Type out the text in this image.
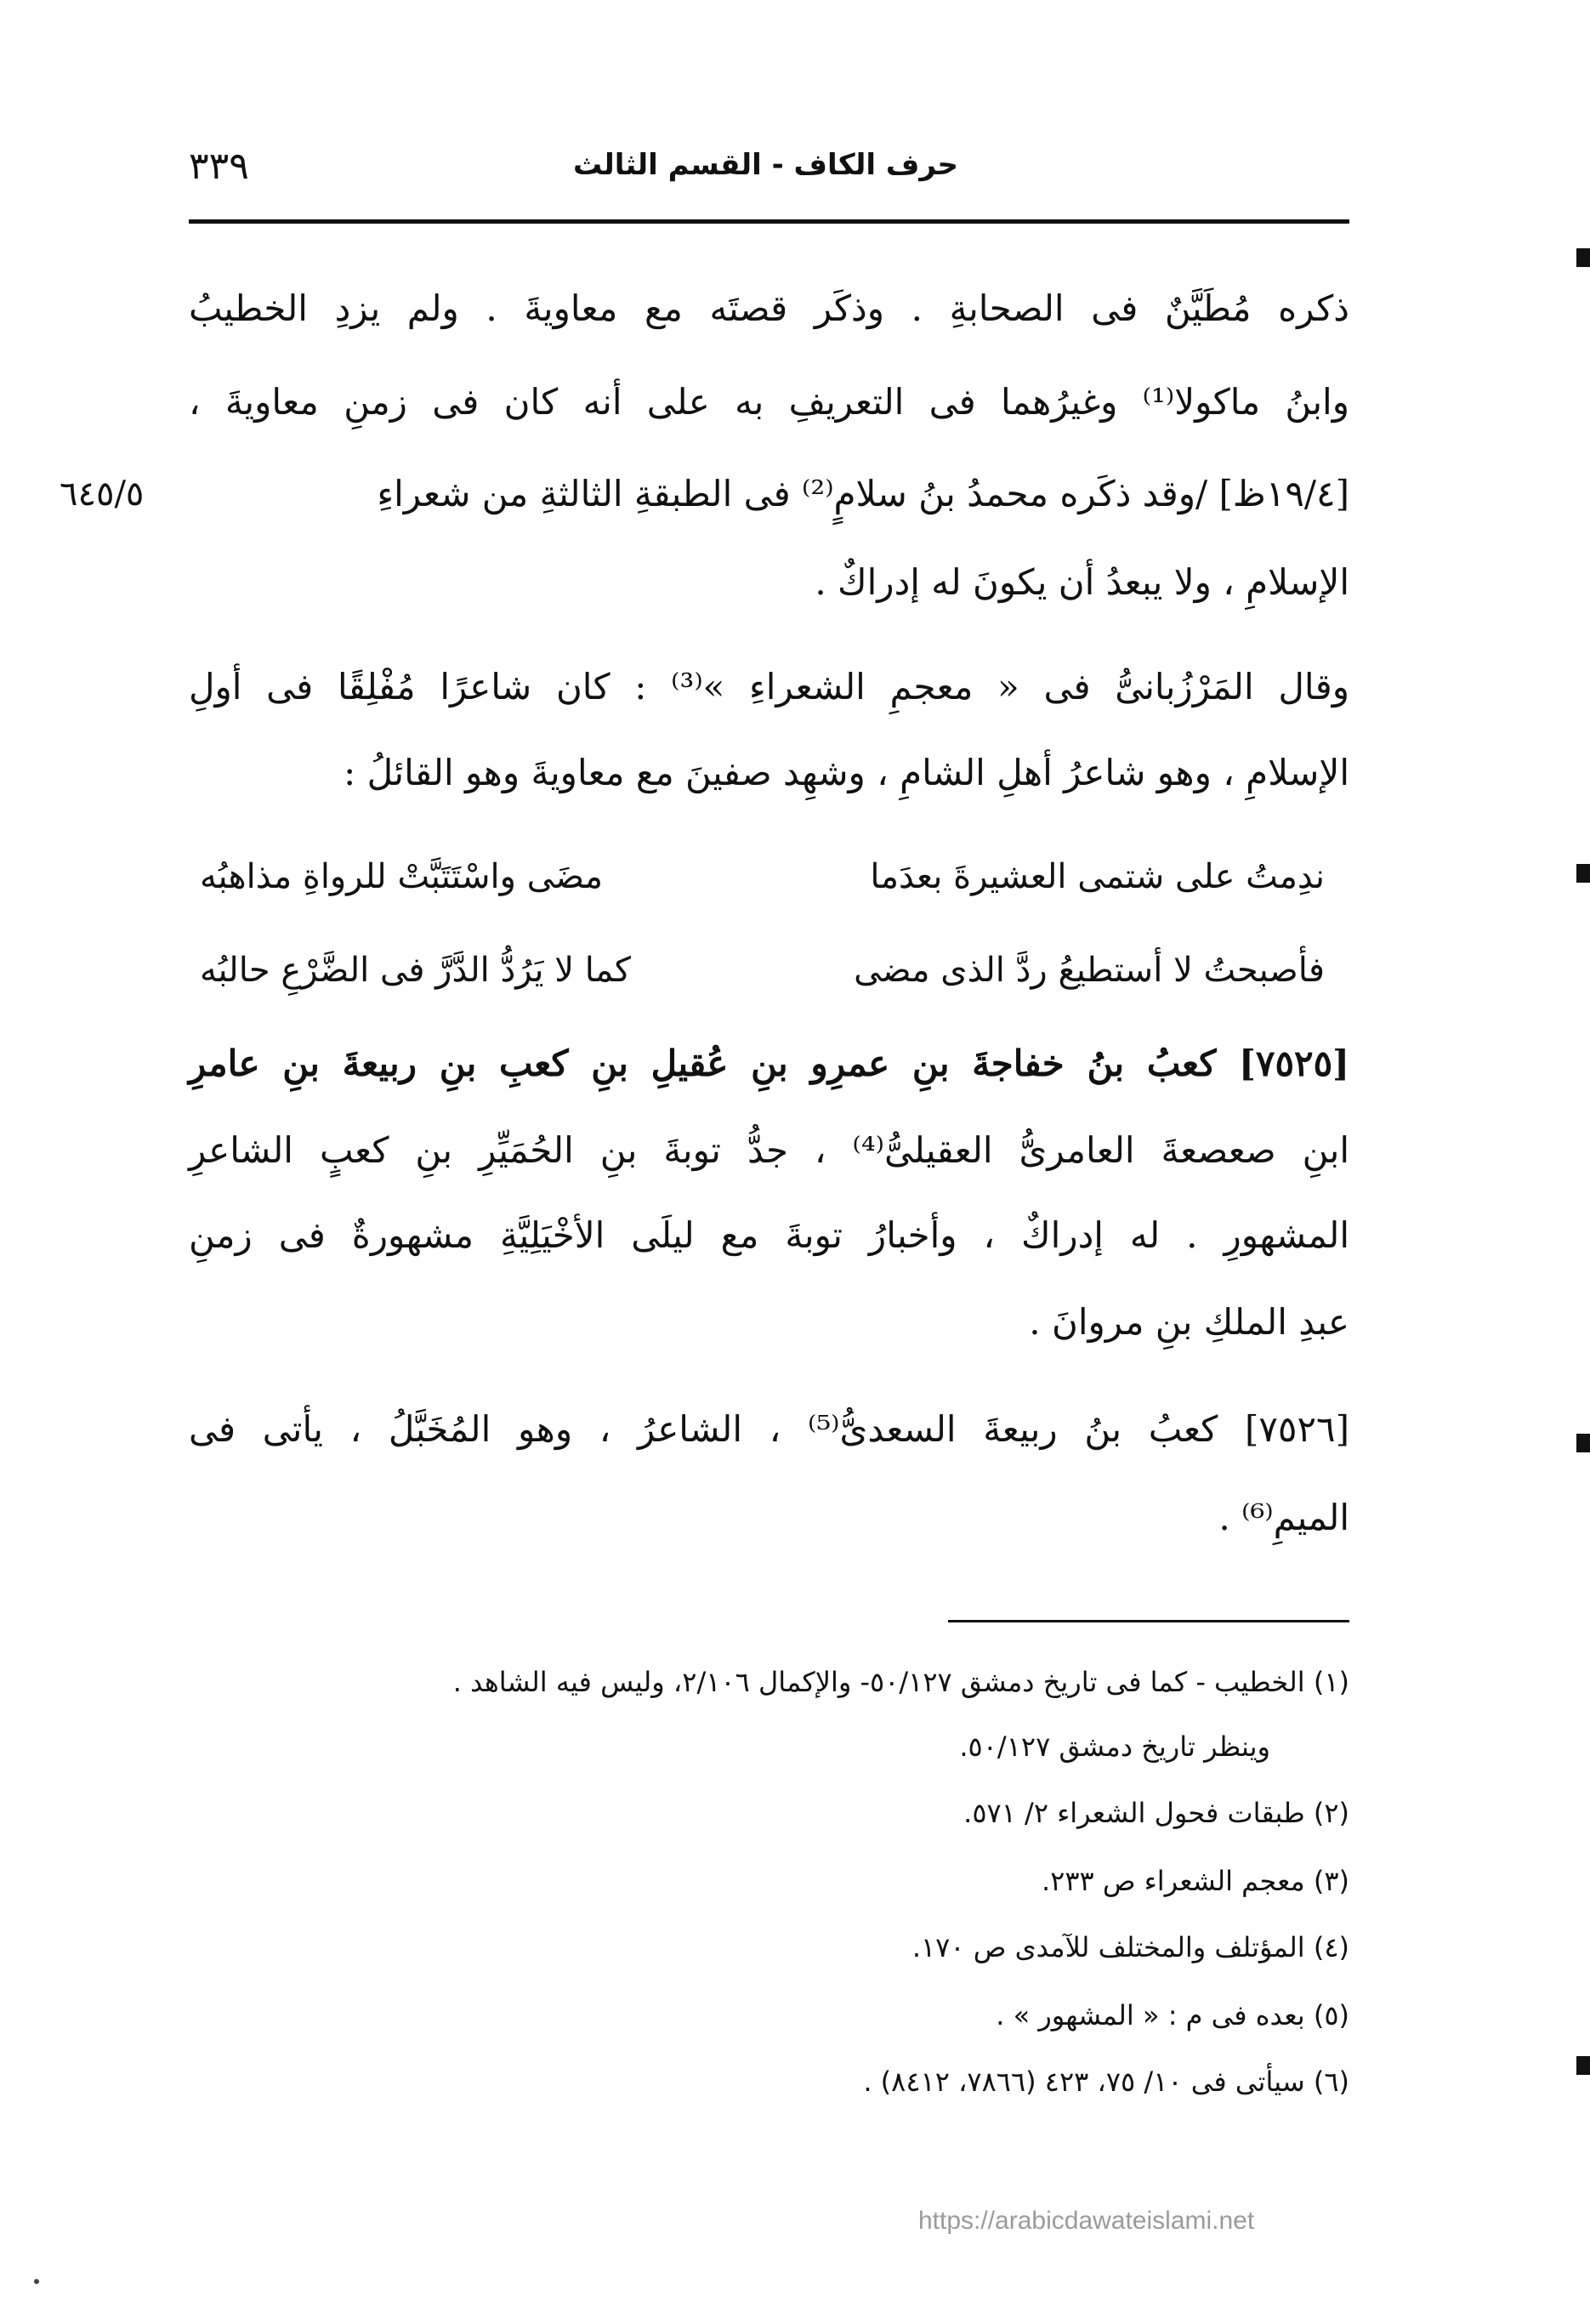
٣٣٩	حرف الكاف - القسم الثالث
ذكره مُطَيَّنٌ فى الصحابةِ . وذكَر قصتَه مع معاويةَ . ولم يزدِ الخطيبُ
وابنُ ماكولا⁽¹⁾ وغيرُهما فى التعريفِ به على أنه كان فى زمنِ معاويةَ ،
[١٩/٤ظ] /وقد ذكَره محمدُ بنُ سلامٍ⁽²⁾ فى الطبقةِ الثالثةِ من شعراءِ
٦٤٥/٥
الإسلامِ ، ولا يبعدُ أن يكونَ له إدراكٌ .
وقال المَرْزُبانىُّ فى « معجمِ الشعراءِ »⁽³⁾ : كان شاعرًا مُفْلِقًا فى أولِ
الإسلامِ ، وهو شاعرُ أهلِ الشامِ ، وشهِد صفينَ مع معاويةَ وهو القائلُ :
ندِمتُ على شتمى العشيرةَ بعدَما
مضَى واسْتَتَبَّتْ للرواةِ مذاهبُه
فأصبحتُ لا أستطيعُ ردَّ الذى مضى
كما لا يَرُدُّ الدَّرَّ فى الضَّرْعِ حالبُه
[٧٥٢٥] كعبُ بنُ خفاجةَ بنِ عمرِو بنِ عُقيلِ بنِ كعبِ بنِ ربيعةَ بنِ عامرِ
ابنِ صعصعةَ العامرىُّ العقيلىُّ⁽⁴⁾ ، جدُّ توبةَ بنِ الحُمَيِّرِ بنِ كعبٍ الشاعرِ
المشهورِ . له إدراكٌ ، وأخبارُ توبةَ مع ليلَى الأخْيَلِيَّةِ مشهورةٌ فى زمنِ
عبدِ الملكِ بنِ مروانَ .
[٧٥٢٦] كعبُ بنُ ربيعةَ السعدىُّ⁽⁵⁾ ، الشاعرُ ، وهو المُخَبَّلُ ، يأتى فى
الميمِ⁽⁶⁾ .
(١) الخطيب - كما فى تاريخ دمشق ٥٠/١٢٧- والإكمال ٢/١٠٦، وليس فيه الشاهد .
وينظر تاريخ دمشق ٥٠/١٢٧.
(٢) طبقات فحول الشعراء ٢/ ٥٧١.
(٣) معجم الشعراء ص ٢٣٣.
(٤) المؤتلف والمختلف للآمدى ص ١٧٠.
(٥) بعده فى م : « المشهور » .
(٦) سيأتى فى ١٠/ ٧٥، ٤٢٣ (٧٨٦٦، ٨٤١٢) .
https://arabicdawateislami.net
